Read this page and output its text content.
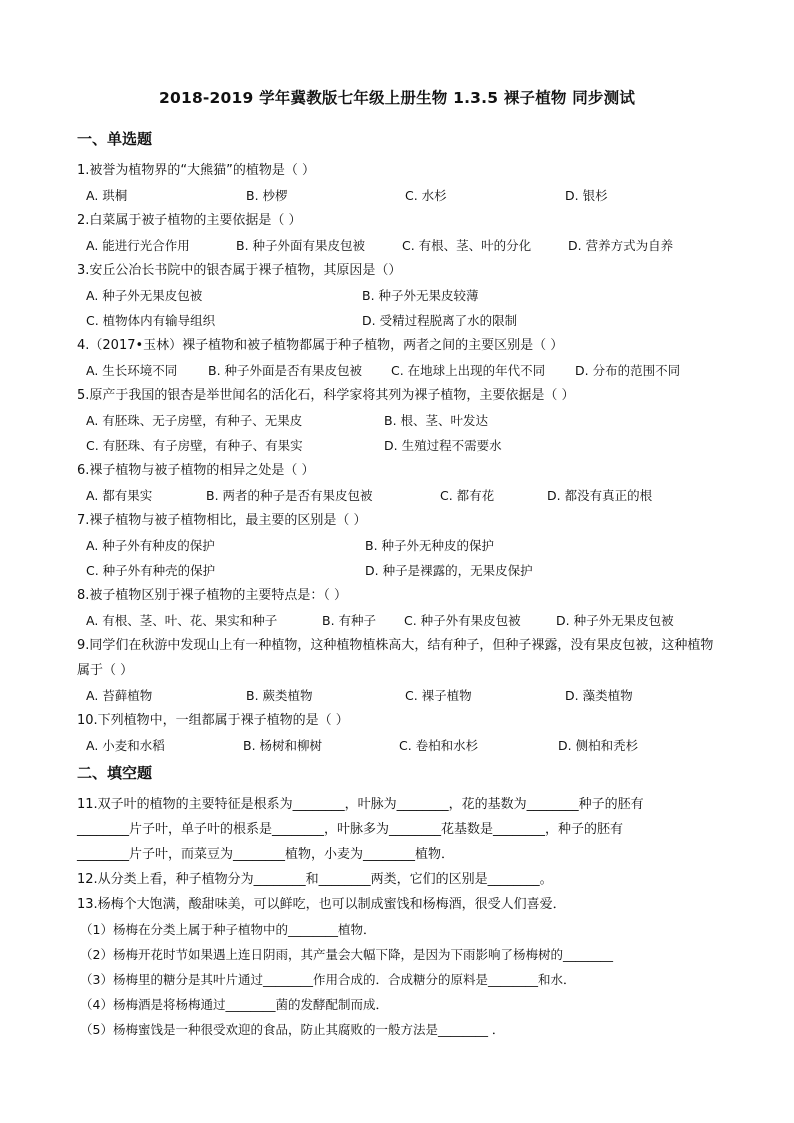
2018-2019 学年冀教版七年级上册生物 1.3.5 裸子植物 同步测试
一、单选题
1.被誉为植物界的“大熊猫”的植物是（ ）
A. 珙桐	B. 杪椤	C. 水杉	D. 银杉
2.白菜属于被子植物的主要依据是（ ）
A. 能进行光合作用	B. 种子外面有果皮包被	C. 有根、茎、叶的分化	D. 营养方式为自养
3.安丘公冶长书院中的银杏属于裸子植物，其原因是（）
A. 种子外无果皮包被	B. 种子外无果皮较薄
C. 植物体内有输导组织	D. 受精过程脱离了水的限制
4.（2017•玉林）裸子植物和被子植物都属于种子植物，两者之间的主要区别是（ ）
A. 生长环境不同 B. 种子外面是否有果皮包被 C. 在地球上出现的年代不同 D. 分布的范围不同
5.原产于我国的银杏是举世闻名的活化石，科学家将其列为裸子植物，主要依据是（ ）
A. 有胚珠、无子房壁，有种子、无果皮	B. 根、茎、叶发达
C. 有胚珠、有子房壁，有种子、有果实	D. 生殖过程不需要水
6.裸子植物与被子植物的相异之处是（ ）
A. 都有果实	B. 两者的种子是否有果皮包被	C. 都有花	D. 都没有真正的根
7.裸子植物与被子植物相比，最主要的区别是（ ）
A. 种子外有种皮的保护	B. 种子外无种皮的保护
C. 种子外有种壳的保护	D. 种子是裸露的，无果皮保护
8.被子植物区别于裸子植物的主要特点是：（ ）
A. 有根、茎、叶、花、果实和种子	B. 有种子 C. 种子外有果皮包被	D. 种子外无果皮包被
9.同学们在秋游中发现山上有一种植物，这种植物植株高大，结有种子，但种子裸露，没有果皮包被，这种植物属于（ ）
A. 苔藓植物	B. 蕨类植物	C. 裸子植物	D. 藻类植物
10.下列植物中，一组都属于裸子植物的是（ ）
A. 小麦和水稻	B. 杨树和柳树	C. 卷柏和水杉	D. 侧柏和秃杉
二、填空题
11.双子叶的植物的主要特征是根系为________，叶脉为________，花的基数为________种子的胚有
________片子叶，单子叶的根系是________，叶脉多为________花基数是________，种子的胚有
________片子叶，而菜豆为________植物，小麦为________植物．
12.从分类上看，种子植物分为________和________两类，它们的区别是________。
13.杨梅个大饱满，酸甜味美，可以鲜吃，也可以制成蜜饯和杨梅酒，很受人们喜爱．
（1）杨梅在分类上属于种子植物中的________植物．
（2）杨梅开花时节如果遇上连日阴雨，其产量会大幅下降，是因为下雨影响了杨梅树的________
（3）杨梅里的糖分是其叶片通过________作用合成的．合成糖分的原料是________和水．
（4）杨梅酒是将杨梅通过________菌的发酵配制而成．
（5）杨梅蜜饯是一种很受欢迎的食品，防止其腐败的一般方法是________ ．
